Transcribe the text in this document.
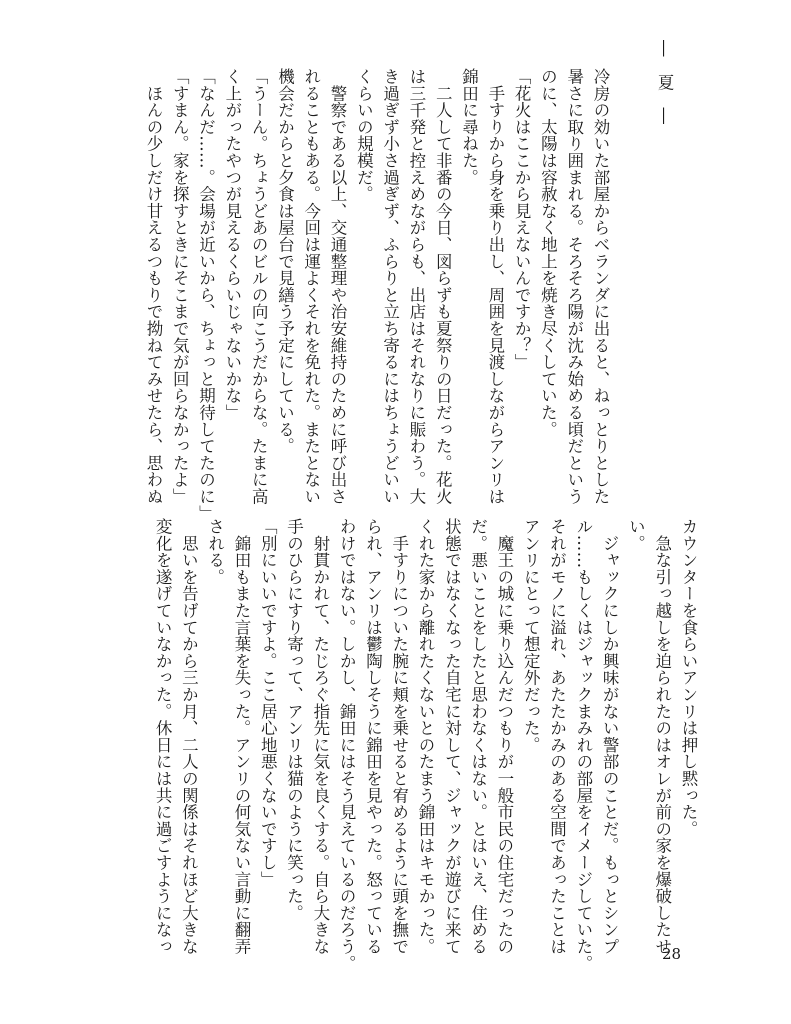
― 夏 ―
冷房の効いた部屋からベランダに出ると、ねっとりとした
暑さに取り囲まれる。そろそろ陽が沈み始める頃だという
のに、太陽は容赦なく地上を焼き尽くしていた。
「花火はここから見えないんですか？」
　手すりから身を乗り出し、周囲を見渡しながらアンリは
錦田に尋ねた。
　二人して非番の今日、図らずも夏祭りの日だった。花火
は三千発と控えめながらも、出店はそれなりに賑わう。大
き過ぎず小さ過ぎず、ふらりと立ち寄るにはちょうどいい
くらいの規模だ。
　警察である以上、交通整理や治安維持のために呼び出さ
れることもある。今回は運よくそれを免れた。またとない
機会だからと夕食は屋台で見繕う予定にしている。
「うーん。ちょうどあのビルの向こうだからな。たまに高
く上がったやつが見えるくらいじゃないかな」
「なんだ……。会場が近いから、ちょっと期待してたのに」
「すまん。家を探すときにそこまで気が回らなかったよ」
　ほんの少しだけ甘えるつもりで拗ねてみせたら、思わぬ
カウンターを食らいアンリは押し黙った。
　急な引っ越しを迫られたのはオレが前の家を爆破したせ
い。
　ジャックにしか興味がない警部のことだ。もっとシンプ
ル……もしくはジャックまみれの部屋をイメージしていた。
それがモノに溢れ、あたたかみのある空間であったことは
アンリにとって想定外だった。
　魔王の城に乗り込んだつもりが一般市民の住宅だったの
だ。悪いことをしたと思わなくはない。とはいえ、住める
状態ではなくなった自宅に対して、ジャックが遊びに来て
くれた家から離れたくないとのたまう錦田はキモかった。
　手すりについた腕に頬を乗せると宥めるように頭を撫で
られ、アンリは鬱陶しそうに錦田を見やった。怒っている
わけではない。しかし、錦田にはそう見えているのだろう。
　射貫かれて、たじろぐ指先に気を良くする。自ら大きな
手のひらにすり寄って、アンリは猫のように笑った。
「別にいいですよ。ここ居心地悪くないですし」
　錦田もまた言葉を失った。アンリの何気ない言動に翻弄
される。
　思いを告げてから三か月、二人の関係はそれほど大きな
変化を遂げていなかった。休日には共に過ごすようになっ	28
